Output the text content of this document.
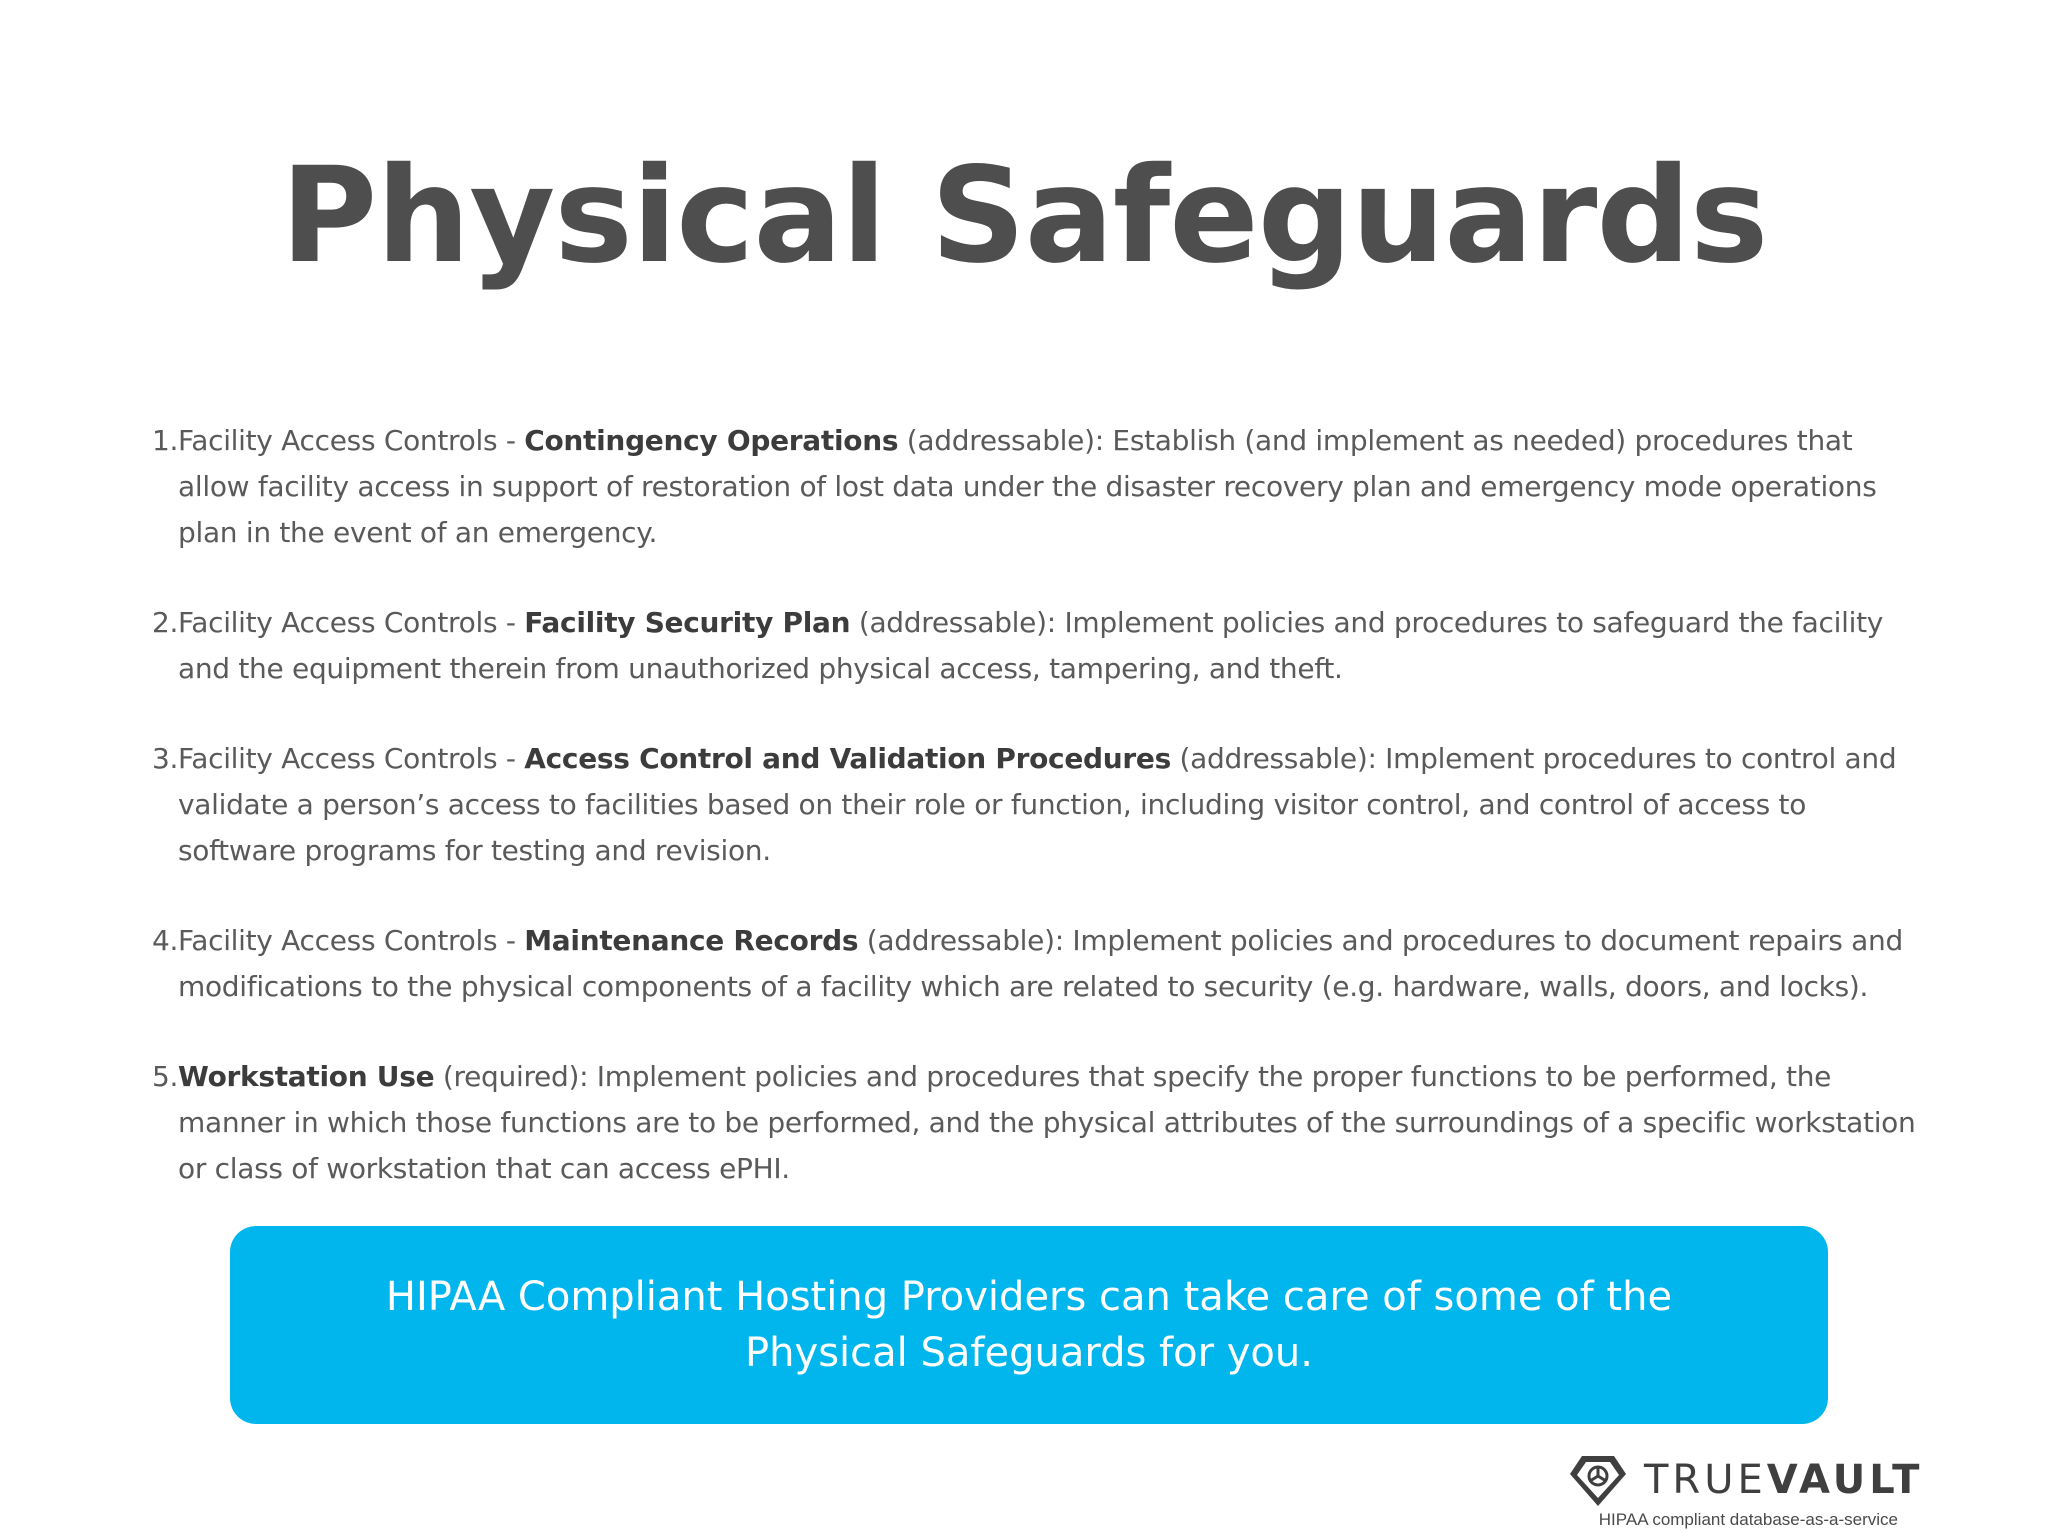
Physical Safeguards
1. Facility Access Controls - Contingency Operations (addressable): Establish (and implement as needed) procedures that allow facility access in support of restoration of lost data under the disaster recovery plan and emergency mode operations plan in the event of an emergency.
2. Facility Access Controls - Facility Security Plan (addressable): Implement policies and procedures to safeguard the facility and the equipment therein from unauthorized physical access, tampering, and theft.
3. Facility Access Controls - Access Control and Validation Procedures (addressable): Implement procedures to control and validate a person’s access to facilities based on their role or function, including visitor control, and control of access to software programs for testing and revision.
4. Facility Access Controls - Maintenance Records (addressable): Implement policies and procedures to document repairs and modifications to the physical components of a facility which are related to security (e.g. hardware, walls, doors, and locks).
5. Workstation Use (required): Implement policies and procedures that specify the proper functions to be performed, the manner in which those functions are to be performed, and the physical attributes of the surroundings of a specific workstation or class of workstation that can access ePHI.
HIPAA Compliant Hosting Providers can take care of some of the Physical Safeguards for you.
TRUEVAULT
HIPAA compliant database-as-a-service
